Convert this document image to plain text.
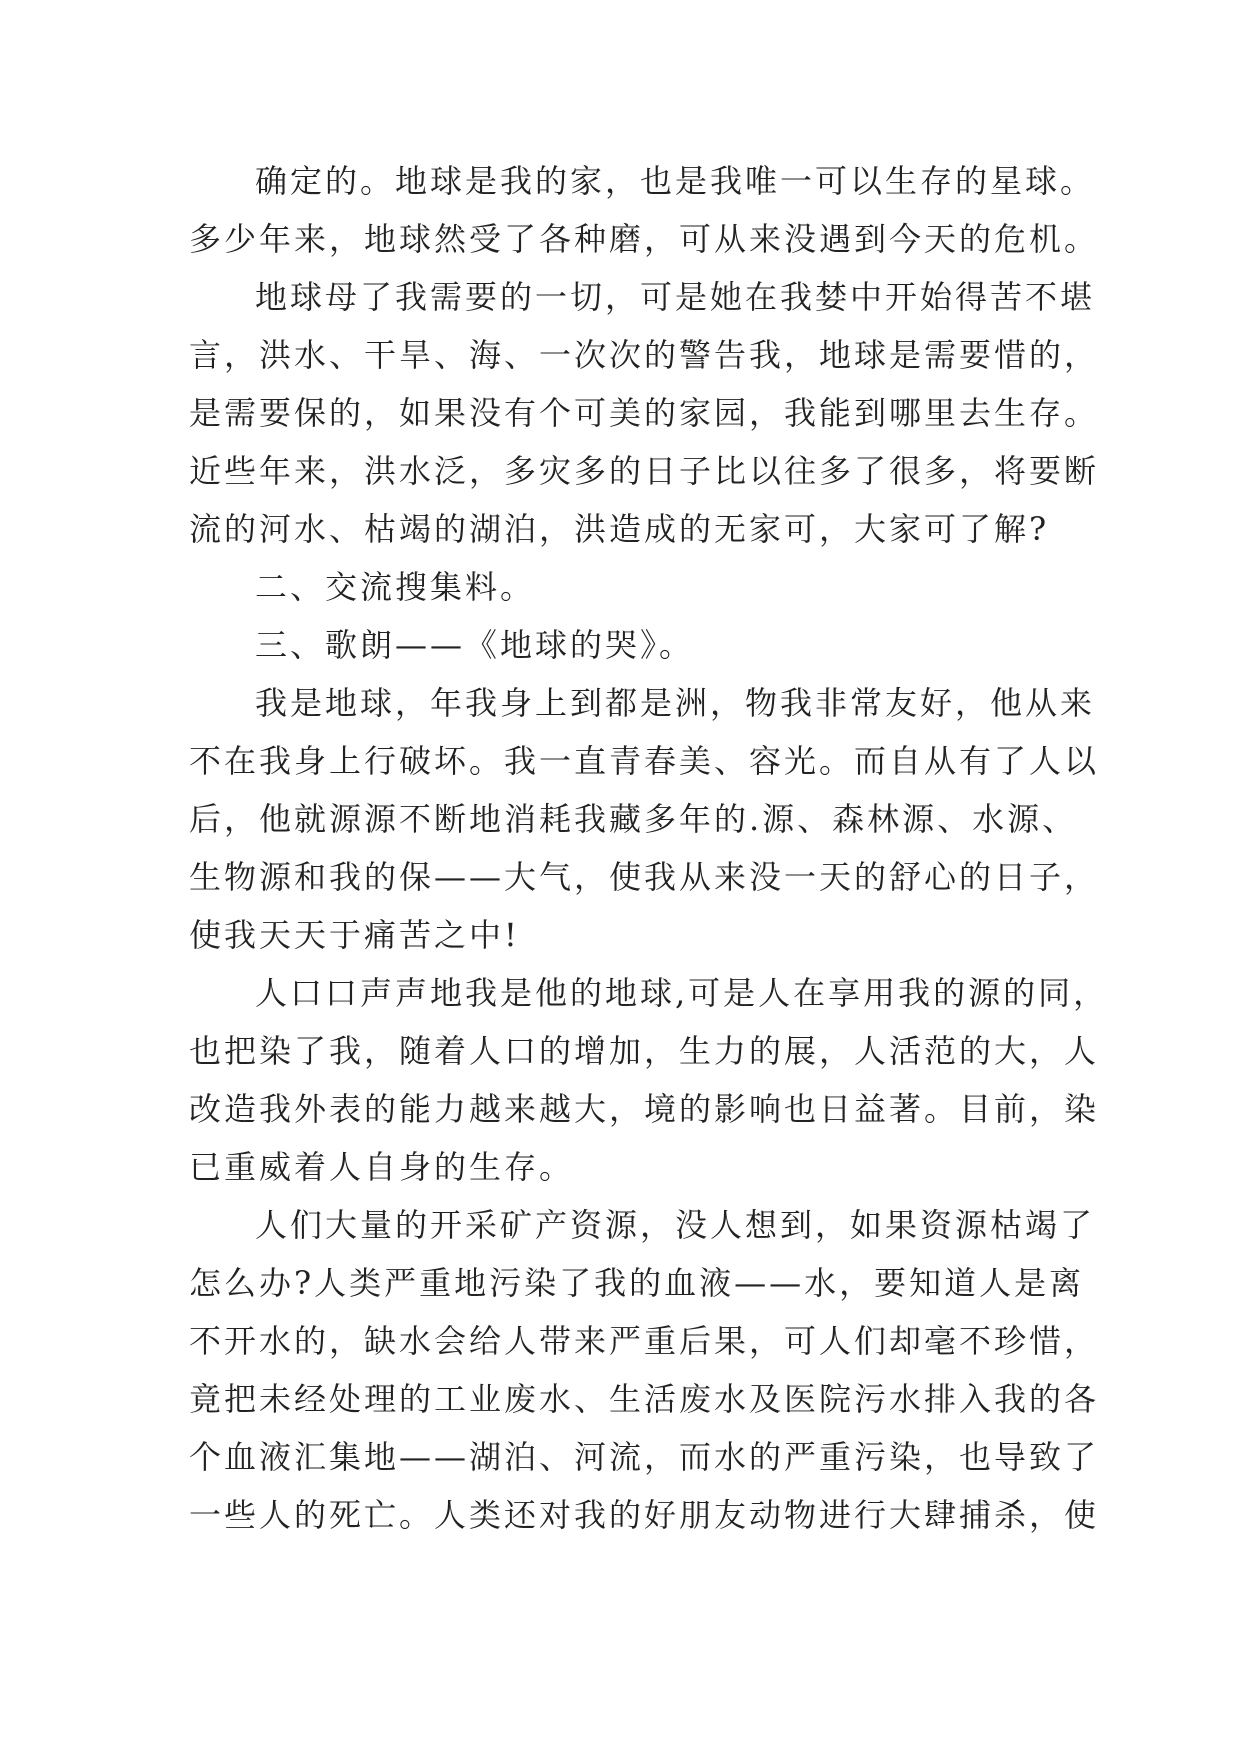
确定的。地球是我的家，也是我唯一可以生存的星球。
多少年来，地球然受了各种磨，可从来没遇到今天的危机。
地球母了我需要的一切，可是她在我婪中开始得苦不堪
言，洪水、干旱、海、一次次的警告我，地球是需要惜的，
是需要保的，如果没有个可美的家园，我能到哪里去生存。
近些年来，洪水泛，多灾多的日子比以往多了很多，将要断
流的河水、枯竭的湖泊，洪造成的无家可，大家可了解?
二、交流搜集料。
三、歌朗——《地球的哭》。
我是地球，年我身上到都是洲，物我非常友好，他从来
不在我身上行破坏。我一直青春美、容光。而自从有了人以
后，他就源源不断地消耗我藏多年的.源、森林源、水源、
生物源和我的保——大气，使我从来没一天的舒心的日子，
使我天天于痛苦之中!
人口口声声地我是他的地球,可是人在享用我的源的同，
也把染了我，随着人口的增加，生力的展，人活范的大，人
改造我外表的能力越来越大，境的影响也日益著。目前，染
已重威着人自身的生存。
人们大量的开采矿产资源，没人想到，如果资源枯竭了
怎么办?人类严重地污染了我的血液——水，要知道人是离
不开水的，缺水会给人带来严重后果，可人们却毫不珍惜，
竟把未经处理的工业废水、生活废水及医院污水排入我的各
个血液汇集地——湖泊、河流，而水的严重污染，也导致了
一些人的死亡。人类还对我的好朋友动物进行大肆捕杀，使
